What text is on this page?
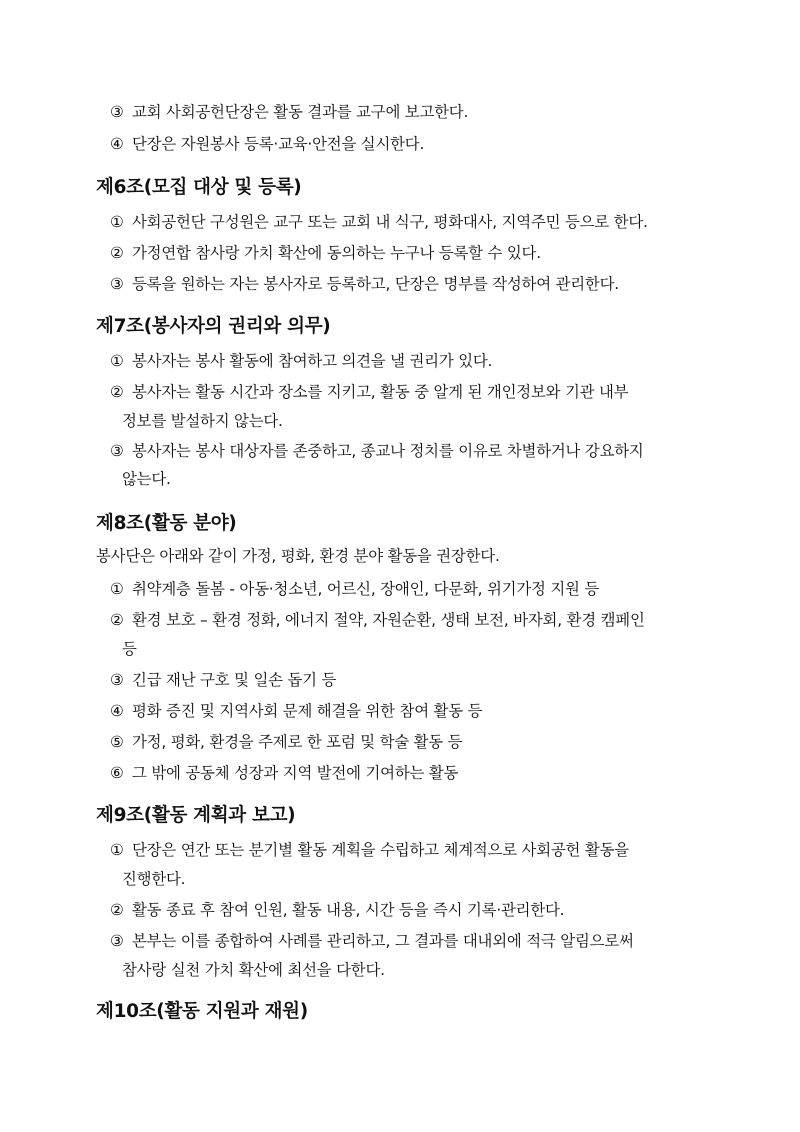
③ 교회 사회공헌단장은 활동 결과를 교구에 보고한다.
④ 단장은 자원봉사 등록·교육·안전을 실시한다.
제6조(모집 대상 및 등록)
① 사회공헌단 구성원은 교구 또는 교회 내 식구, 평화대사, 지역주민 등으로 한다.
② 가정연합 참사랑 가치 확산에 동의하는 누구나 등록할 수 있다.
③ 등록을 원하는 자는 봉사자로 등록하고, 단장은 명부를 작성하여 관리한다.
제7조(봉사자의 권리와 의무)
① 봉사자는 봉사 활동에 참여하고 의견을 낼 권리가 있다.
② 봉사자는 활동 시간과 장소를 지키고, 활동 중 알게 된 개인정보와 기관 내부
정보를 발설하지 않는다.
③ 봉사자는 봉사 대상자를 존중하고, 종교나 정치를 이유로 차별하거나 강요하지
않는다.
제8조(활동 분야)
봉사단은 아래와 같이 가정, 평화, 환경 분야 활동을 권장한다.
① 취약계층 돌봄 - 아동·청소년, 어르신, 장애인, 다문화, 위기가정 지원 등
② 환경 보호 – 환경 정화, 에너지 절약, 자원순환, 생태 보전, 바자회, 환경 캠페인
등
③ 긴급 재난 구호 및 일손 돕기 등
④ 평화 증진 및 지역사회 문제 해결을 위한 참여 활동 등
⑤ 가정, 평화, 환경을 주제로 한 포럼 및 학술 활동 등
⑥ 그 밖에 공동체 성장과 지역 발전에 기여하는 활동
제9조(활동 계획과 보고)
① 단장은 연간 또는 분기별 활동 계획을 수립하고 체계적으로 사회공헌 활동을
진행한다.
② 활동 종료 후 참여 인원, 활동 내용, 시간 등을 즉시 기록·관리한다.
③ 본부는 이를 종합하여 사례를 관리하고, 그 결과를 대내외에 적극 알림으로써
참사랑 실천 가치 확산에 최선을 다한다.
제10조(활동 지원과 재원)
